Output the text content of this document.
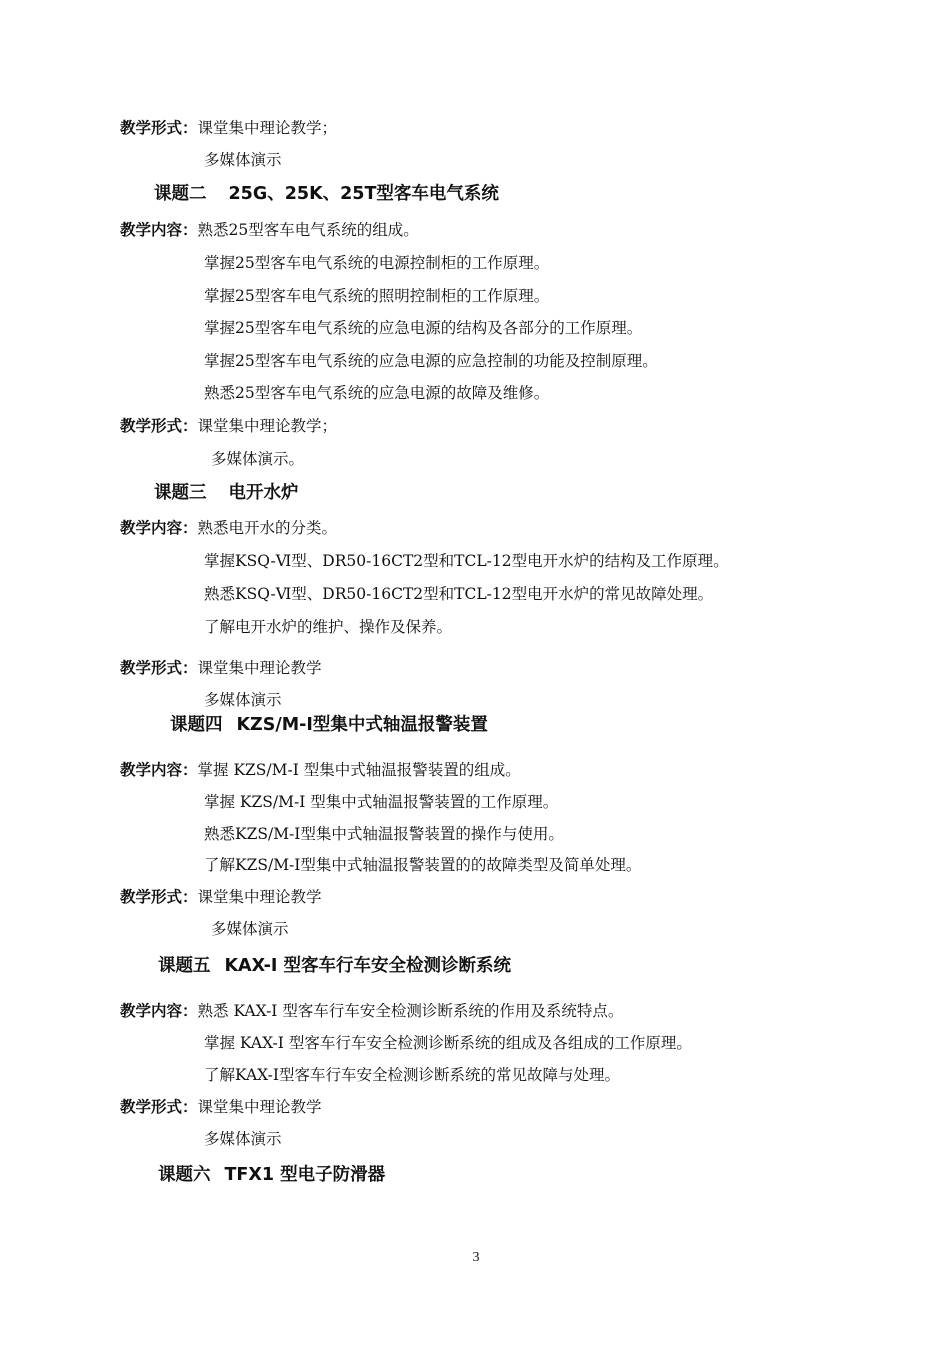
教学形式：课堂集中理论教学；
多媒体演示
课题二 25G、25K、25T型客车电气系统
教学内容：熟悉25型客车电气系统的组成。
掌握25型客车电气系统的电源控制柜的工作原理。
掌握25型客车电气系统的照明控制柜的工作原理。
掌握25型客车电气系统的应急电源的结构及各部分的工作原理。
掌握25型客车电气系统的应急电源的应急控制的功能及控制原理。
熟悉25型客车电气系统的应急电源的故障及维修。
教学形式：课堂集中理论教学；
多媒体演示。
课题三 电开水炉
教学内容：熟悉电开水的分类。
掌握KSQ-Ⅵ型、DR50-16CT2型和TCL-12型电开水炉的结构及工作原理。
熟悉KSQ-Ⅵ型、DR50-16CT2型和TCL-12型电开水炉的常见故障处理。
了解电开水炉的维护、操作及保养。
教学形式：课堂集中理论教学
多媒体演示
课题四 KZS/M-I型集中式轴温报警装置
教学内容：掌握 KZS/M-I 型集中式轴温报警装置的组成。
掌握 KZS/M-I 型集中式轴温报警装置的工作原理。
熟悉KZS/M-I型集中式轴温报警装置的操作与使用。
了解KZS/M-I型集中式轴温报警装置的的故障类型及简单处理。
教学形式：课堂集中理论教学
多媒体演示
课题五 KAX-I 型客车行车安全检测诊断系统
教学内容：熟悉 KAX-I 型客车行车安全检测诊断系统的作用及系统特点。
掌握 KAX-I 型客车行车安全检测诊断系统的组成及各组成的工作原理。
了解KAX-I型客车行车安全检测诊断系统的常见故障与处理。
教学形式：课堂集中理论教学
多媒体演示
课题六 TFX1 型电子防滑器
3
